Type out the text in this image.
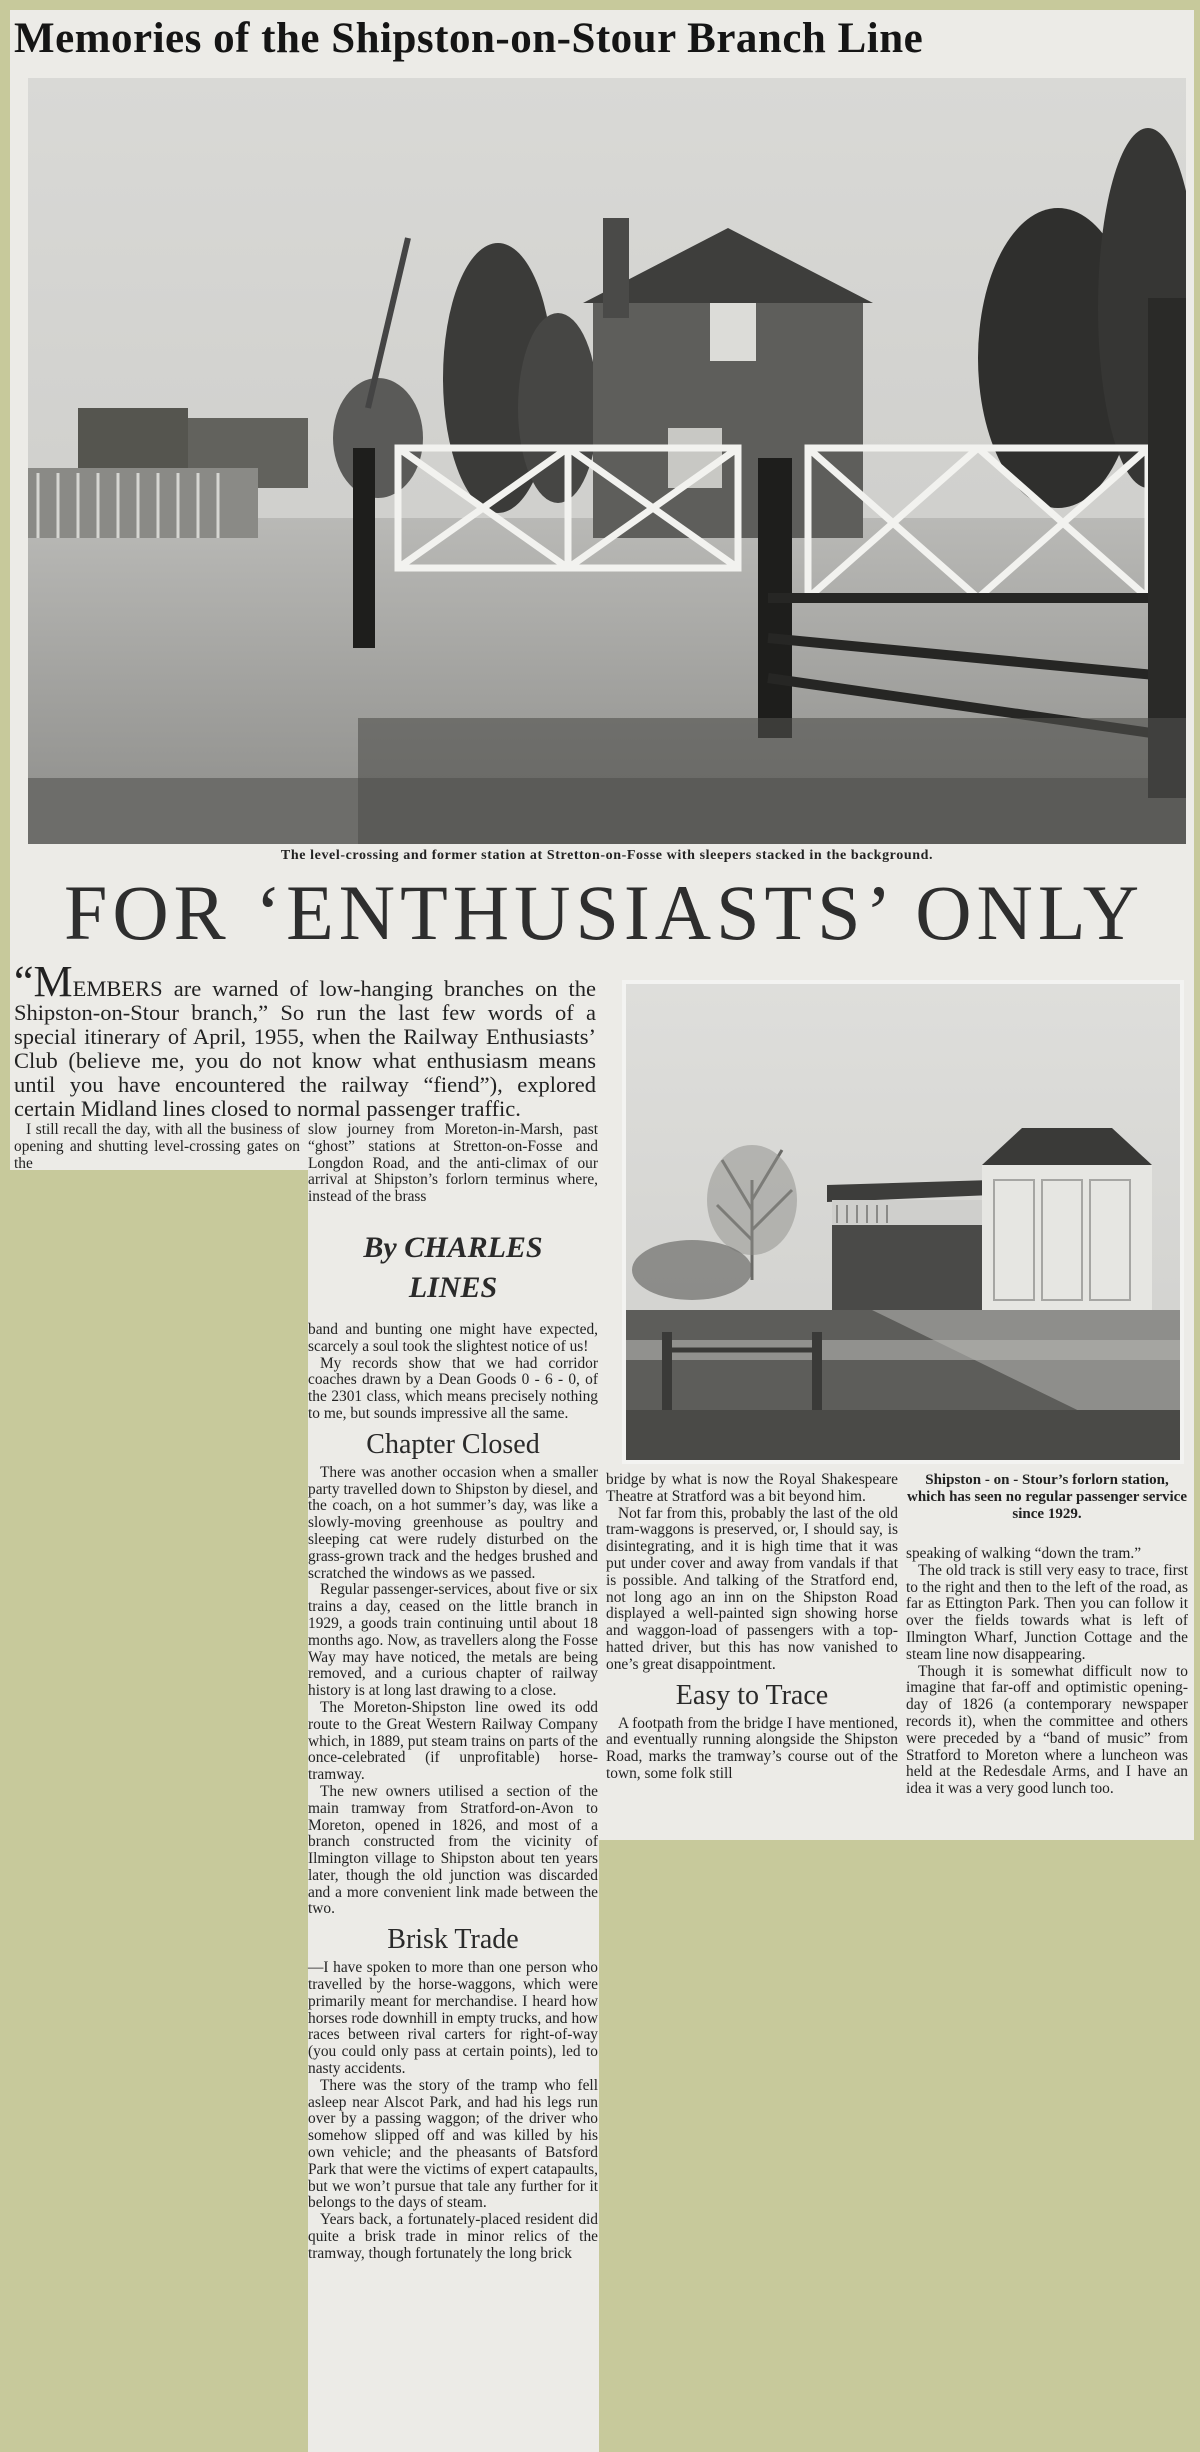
Memories of the Shipston-on-Stour Branch Line
The level-crossing and former station at Stretton-on-Fosse with sleepers stacked in the background.
FOR ‘ENTHUSIASTS’ ONLY
“MEMBERS are warned of low-hanging branches on the Shipston-on-Stour branch,” So run the last few words of a special itinerary of April, 1955, when the Railway Enthusiasts’ Club (believe me, you do not know what enthusiasm means until you have encountered the railway “fiend”), explored certain Midland lines closed to normal passenger traffic.

I still recall the day, with all the business of opening and shutting level-crossing gates on the

slow journey from Moreton-in-Marsh, past “ghost” stations at Stretton-on-Fosse and Longdon Road, and the anti-climax of our arrival at Shipston’s forlorn terminus where, instead of the brass

By CHARLES
LINES

band and bunting one might have expected, scarcely a soul took the slightest notice of us!

My records show that we had corridor coaches drawn by a Dean Goods 0 - 6 - 0, of the 2301 class, which means precisely nothing to me, but sounds impressive all the same.

Chapter Closed

There was another occasion when a smaller party travelled down to Shipston by diesel, and the coach, on a hot summer’s day, was like a slowly-moving greenhouse as poultry and sleeping cat were rudely disturbed on the grass-grown track and the hedges brushed and scratched the windows as we passed.

Regular passenger-services, about five or six trains a day, ceased on the little branch in 1929, a goods train continuing until about 18 months ago. Now, as travellers along the Fosse Way may have noticed, the metals are being removed, and a curious chapter of railway history is at long last drawing to a close.

The Moreton-Shipston line owed its odd route to the Great Western Railway Company which, in 1889, put steam trains on parts of the once-celebrated (if unprofitable) horse-tramway.

The new owners utilised a section of the main tramway from Stratford-on-Avon to Moreton, opened in 1826, and most of a branch constructed from the vicinity of Ilmington village to Shipston about ten years later, though the old junction was discarded and a more convenient link made between the two.

Brisk Trade

—I have spoken to more than one person who travelled by the horse-waggons, which were primarily meant for merchandise. I heard how horses rode downhill in empty trucks, and how races between rival carters for right-of-way (you could only pass at certain points), led to nasty accidents.

There was the story of the tramp who fell asleep near Alscot Park, and had his legs run over by a passing waggon; of the driver who somehow slipped off and was killed by his own vehicle; and the pheasants of Batsford Park that were the victims of expert catapaults, but we won’t pursue that tale any further for it belongs to the days of steam.

Years back, a fortunately-placed resident did quite a brisk trade in minor relics of the tramway, though fortunately the long brick

bridge by what is now the Royal Shakespeare Theatre at Stratford was a bit beyond him.

Not far from this, probably the last of the old tram-waggons is preserved, or, I should say, is disintegrating, and it is high time that it was put under cover and away from vandals if that is possible. And talking of the Stratford end, not long ago an inn on the Shipston Road displayed a well-painted sign showing horse and waggon-load of passengers with a top-hatted driver, but this has now vanished to one’s great disappointment.

Easy to Trace

A footpath from the bridge I have mentioned, and eventually running alongside the Shipston Road, marks the tramway’s course out of the town, some folk still

Shipston - on - Stour’s forlorn station, which has seen no regular passenger service since 1929.

speaking of walking “down the tram.”

The old track is still very easy to trace, first to the right and then to the left of the road, as far as Ettington Park. Then you can follow it over the fields towards what is left of Ilmington Wharf, Junction Cottage and the steam line now disappearing.

Though it is somewhat difficult now to imagine that far-off and optimistic opening-day of 1826 (a contemporary newspaper records it), when the committee and others were preceded by a “band of music” from Stratford to Moreton where a luncheon was held at the Redesdale Arms, and I have an idea it was a very good lunch too.
